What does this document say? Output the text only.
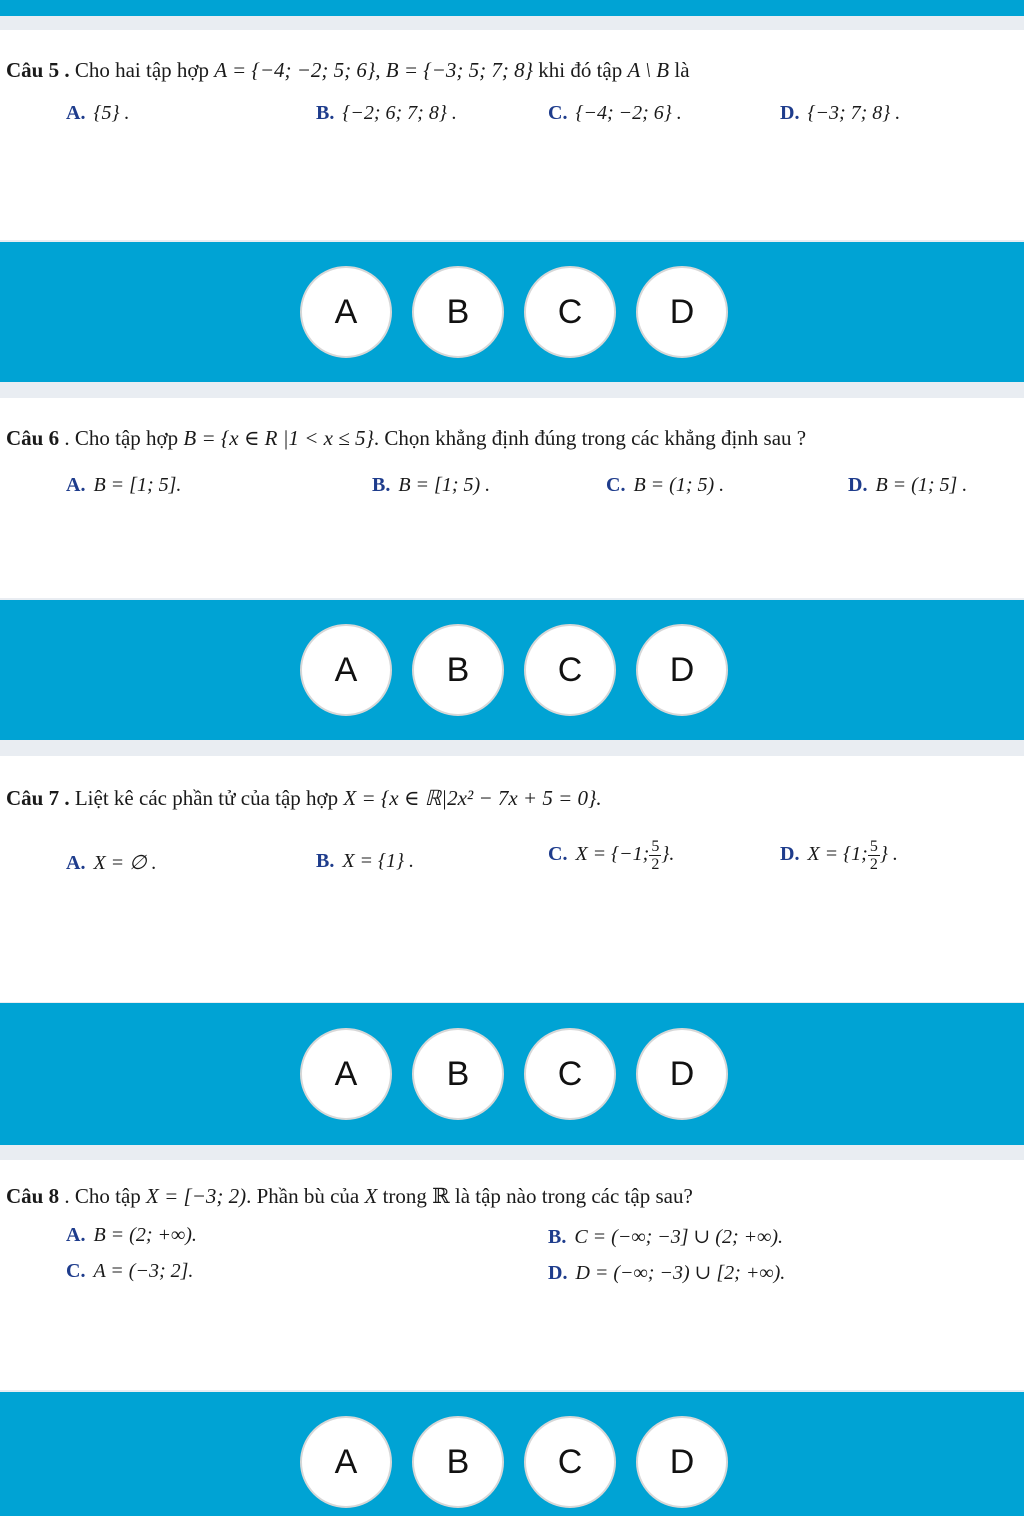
Câu 5 . Cho hai tập hợp A = {−4; −2; 5; 6}, B = {−3; 5; 7; 8} khi đó tập A \ B là
A. {5} .	B. {−2; 6; 7; 8} .	C. {−4; −2; 6} .	D. {−3; 7; 8} .
A	B	C	D
Câu 6 . Cho tập hợp B = {x ∈ R |1 < x ≤ 5}. Chọn khẳng định đúng trong các khẳng định sau ?
A. B = [1; 5].	B. B = [1; 5) .	C. B = (1; 5) .	D. B = (1; 5] .
A	B	C	D
Câu 7 . Liệt kê các phần tử của tập hợp X = {x ∈ ℝ|2x² − 7x + 5 = 0}.
A. X = ∅ .	B. X = {1} .	C. X = {−1; $\frac{5}{2}$ }.	D. X = {1; $\frac{5}{2}$ } .
A	B	C	D
Câu 8 . Cho tập X = [−3; 2). Phần bù của X trong ℝ là tập nào trong các tập sau?
A. B = (2; +∞).	B. C = (−∞; −3] ∪ (2; +∞).
C. A = (−3; 2].	D. D = (−∞; −3) ∪ [2; +∞).
A	B	C	D
